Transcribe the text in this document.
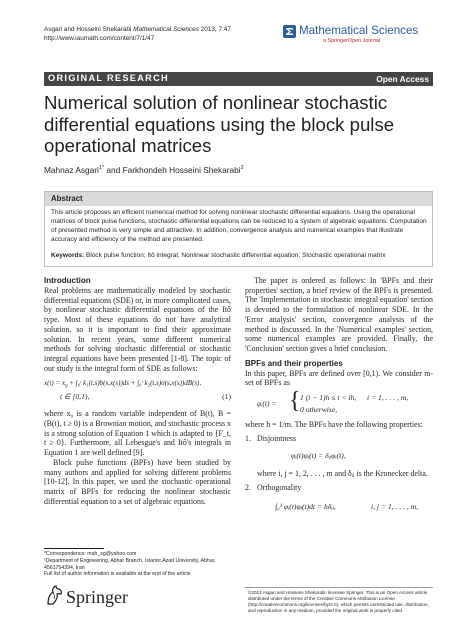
Asgari and Hosseini Shekarabi Mathematical Sciences 2013, 7:47
http://www.iaumath.com/content/7/1/47
Mathematical Sciences
a SpringerOpen Journal
ORIGINAL RESEARCH	Open Access
Numerical solution of nonlinear stochastic differential equations using the block pulse operational matrices
Mahnaz Asgari$^{1*}$ and Farkhondeh Hosseini Shekarabi$^2$
Abstract
This article proposes an efficient numerical method for solving nonlinear stochastic differential equations. Using the operational matrices of block pulse functions, stochastic differential equations can be reduced to a system of algebraic equations. Computation of presented method is very simple and attractive. In addition, convergence analysis and numerical examples that illustrate accuracy and efficiency of the method are presented.
Keywords: Block pulse function; Itô integral; Nonlinear stochastic differential equation; Stochastic operational matrix
Introduction
Real problems are mathematically modeled by stochastic differential equations (SDE) or, in more complicated cases, by nonlinear stochastic differential equations of the Itô type. Most of these equations do not have analytical solution, so it is important to find their approximate solution. In recent years, some different numerical methods for solving stochastic differential or stochastic integral equations have been presented [1-8]. The topic of our study is the integral form of SDE as follows:
$x(t) = x_0$ + ∫₀ᵗ k₁(t,s)b(s,x(s))ds + ∫₀ᵗ k₂(t,s)σ(s,x(s))dB(s),
t ∈ [0,1),	(1)
where x₀ is a random variable independent of B(t), B = (B(t), t ≥ 0) is a Brownian motion, and stochastic process x is a strong solution of Equation 1 which is adapted to {F_t, t ≥ 0}. Furthermore, all Lebesgue's and Itô's integrals in Equation 1 are well defined [9].
Block pulse functions (BPFs) have been studied by many authors and applied for solving different problems [10-12]. In this paper, we used the stochastic operational matrix of BPFs for reducing the nonlinear stochastic differential equation to a set of algebraic equations.
*Correspondence: mah_sg@yahoo.com
¹Department of Engineering, Abhar Branch, Islamic Azad University, Abhar, 4561754394, Iran
Full list of author information is available at the end of the article
The paper is ordered as follows: In 'BPFs and their properties' section, a brief review of the BPFs is presented. The 'Implementation in stochastic integral equation' section is devoted to the formulation of nonlinear SDE. In the 'Error analysis' section, convergence analysis of the method is discussed. In the 'Numerical examples' section, some numerical examples are provided. Finally, the 'Conclusion' section gives a brief conclusion.
BPFs and their properties
In this paper, BPFs are defined over [0,1). We consider m-set of BPFs as
φᵢ(t) = { 1 (i − 1)h ≤ t < ih, i = 1, . . . , m,
0 otherwise,
where h = 1/m. The BPFs have the following properties:
1. Disjointness
φᵢ(t)φⱼ(t) = δᵢⱼφᵢ(t),
where i, j = 1, 2, . . . , m and δᵢⱼ is the Kronecker delta.
2. Orthogonality
∫₀¹ φᵢ(t)φⱼ(t)dt = hδᵢⱼ,	i, j = 1, . . . , m,
Springer	©2013 Asgari and Hosseini Shekarabi; licensee Springer. This is an Open Access article distributed under the terms of the Creative Commons Attribution License (http://creativecommons.org/licenses/by/2.0), which permits unrestricted use, distribution, and reproduction in any medium, provided the original work is properly cited.
